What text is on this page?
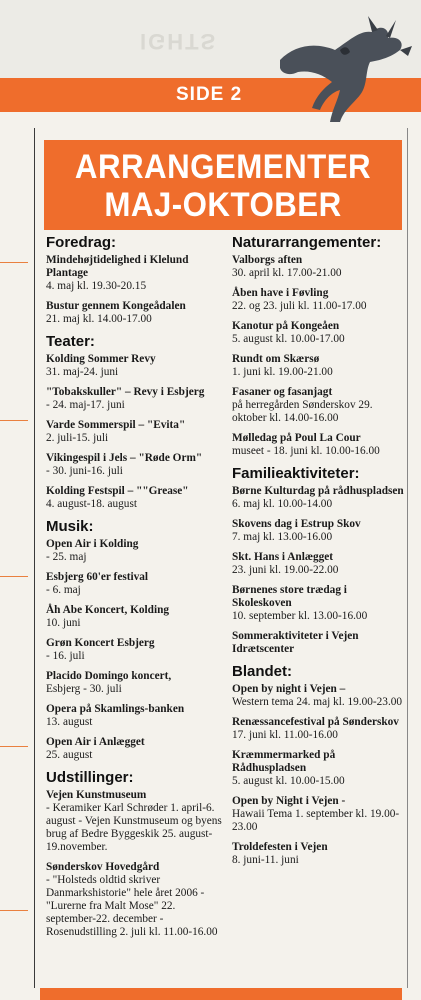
IGHTS
SIDE 2
ARRANGEMENTER
MAJ-OKTOBER
Foredrag:
Mindehøjtidelighed i Klelund Plantage
4. maj kl. 19.30-20.15
Bustur gennem Kongeådalen
21. maj kl. 14.00-17.00
Teater:
Kolding Sommer Revy
31. maj-24. juni
"Tobakskuller" – Revy i Esbjerg
- 24. maj-17. juni
Varde Sommerspil – "Evita"
2. juli-15. juli
Vikingespil i Jels – "Røde Orm"
- 30. juni-16. juli
Kolding Festspil – ""Grease"
4. august-18. august
Musik:
Open Air i Kolding
- 25. maj
Esbjerg 60'er festival
- 6. maj
Åh Abe Koncert, Kolding
10. juni
Grøn Koncert Esbjerg
- 16. juli
Placido Domingo koncert,
Esbjerg - 30. juli
Opera på Skamlings-banken
13. august
Open Air i Anlægget
25. august
Udstillinger:
Vejen Kunstmuseum
- Keramiker Karl Schrøder 1. april-6. august - Vejen Kunstmuseum og byens brug af Bedre Byggeskik 25. august-19.november.
Sønderskov Hovedgård
- "Holsteds oldtid skriver Danmarkshistorie" hele året 2006 - "Lurerne fra Malt Mose" 22. september-22. december - Rosenudstilling 2. juli kl. 11.00-16.00
Naturarrangementer:
Valborgs aften
30. april kl. 17.00-21.00
Åben have i Føvling
22. og 23. juli kl. 11.00-17.00
Kanotur på Kongeåen
5. august kl. 10.00-17.00
Rundt om Skærsø
1. juni kl. 19.00-21.00
Fasaner og fasanjagt
på herregården Sønderskov 29. oktober kl. 14.00-16.00
Mølledag på Poul La Cour
museet - 18. juni kl. 10.00-16.00
Familieaktiviteter:
Børne Kulturdag på rådhuspladsen
6. maj kl. 10.00-14.00
Skovens dag i Estrup Skov
7. maj kl. 13.00-16.00
Skt. Hans i Anlægget
23. juni kl. 19.00-22.00
Børnenes store trædag i Skoleskoven
10. september kl. 13.00-16.00
Sommeraktiviteter i Vejen Idrætscenter
Blandet:
Open by night i Vejen –
Western tema 24. maj kl. 19.00-23.00
Renæssancefestival på Sønderskov
17. juni kl. 11.00-16.00
Kræmmermarked på Rådhuspladsen
5. august kl. 10.00-15.00
Open by Night i Vejen -
Hawaii Tema 1. september kl. 19.00-23.00
Troldefesten i Vejen
8. juni-11. juni
